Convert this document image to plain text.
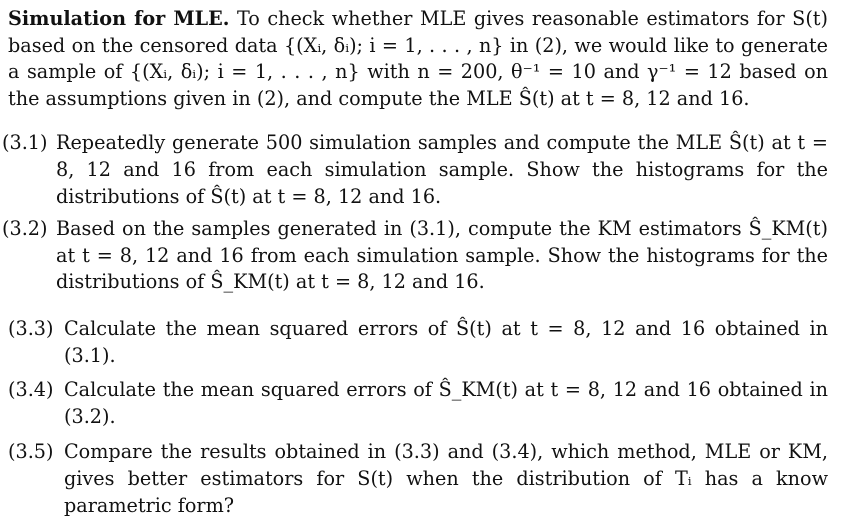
Simulation for MLE. To check whether MLE gives reasonable estimators for S(t) based on the censored data {(Xᵢ, δᵢ); i = 1, . . . , n} in (2), we would like to generate a sample of {(Xᵢ, δᵢ); i = 1, . . . , n} with n = 200, θ⁻¹ = 10 and γ⁻¹ = 12 based on the assumptions given in (2), and compute the MLE Ŝ(t) at t = 8, 12 and 16.

(3.1) Repeatedly generate 500 simulation samples and compute the MLE Ŝ(t) at t = 8, 12 and 16 from each simulation sample. Show the histograms for the distributions of Ŝ(t) at t = 8, 12 and 16.
(3.2) Based on the samples generated in (3.1), compute the KM estimators Ŝ_KM(t) at t = 8, 12 and 16 from each simulation sample. Show the histograms for the distributions of Ŝ_KM(t) at t = 8, 12 and 16.
(3.3) Calculate the mean squared errors of Ŝ(t) at t = 8, 12 and 16 obtained in (3.1).
(3.4) Calculate the mean squared errors of Ŝ_KM(t) at t = 8, 12 and 16 obtained in (3.2).
(3.5) Compare the results obtained in (3.3) and (3.4), which method, MLE or KM, gives better estimators for S(t) when the distribution of Tᵢ has a know parametric form?
